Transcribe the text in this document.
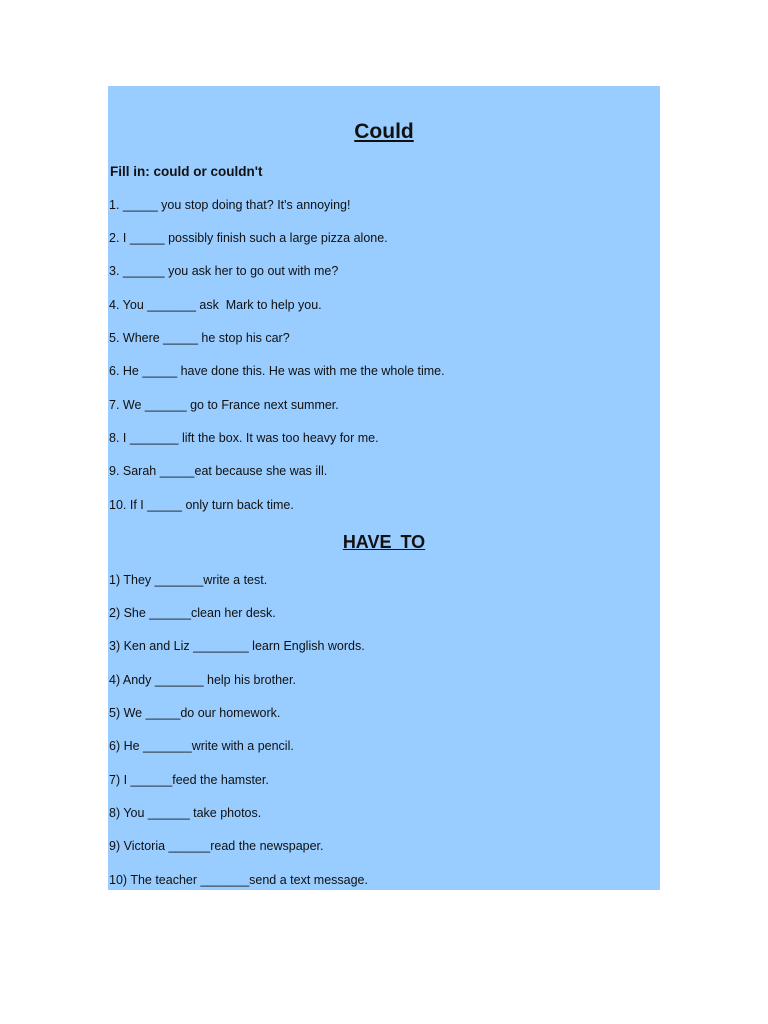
Could

Fill in: could or couldn't

1. _____ you stop doing that? It's annoying!
2. I _____ possibly finish such a large pizza alone.
3. ______ you ask her to go out with me?
4. You _______ ask  Mark to help you.
5. Where _____ he stop his car?
6. He _____ have done this. He was with me the whole time.
7. We ______ go to France next summer.
8. I _______ lift the box. It was too heavy for me.
9. Sarah _____eat because she was ill.
10. If I _____ only turn back time.
HAVE TO
1) They _______write a test.
2) She ______clean her desk.
3) Ken and Liz ________ learn English words.
4) Andy _______ help his brother.
5) We _____do our homework.
6) He _______write with a pencil.
7) I ______feed the hamster.
8) You ______ take photos.
9) Victoria ______read the newspaper.
10) The teacher _______send a text message.
